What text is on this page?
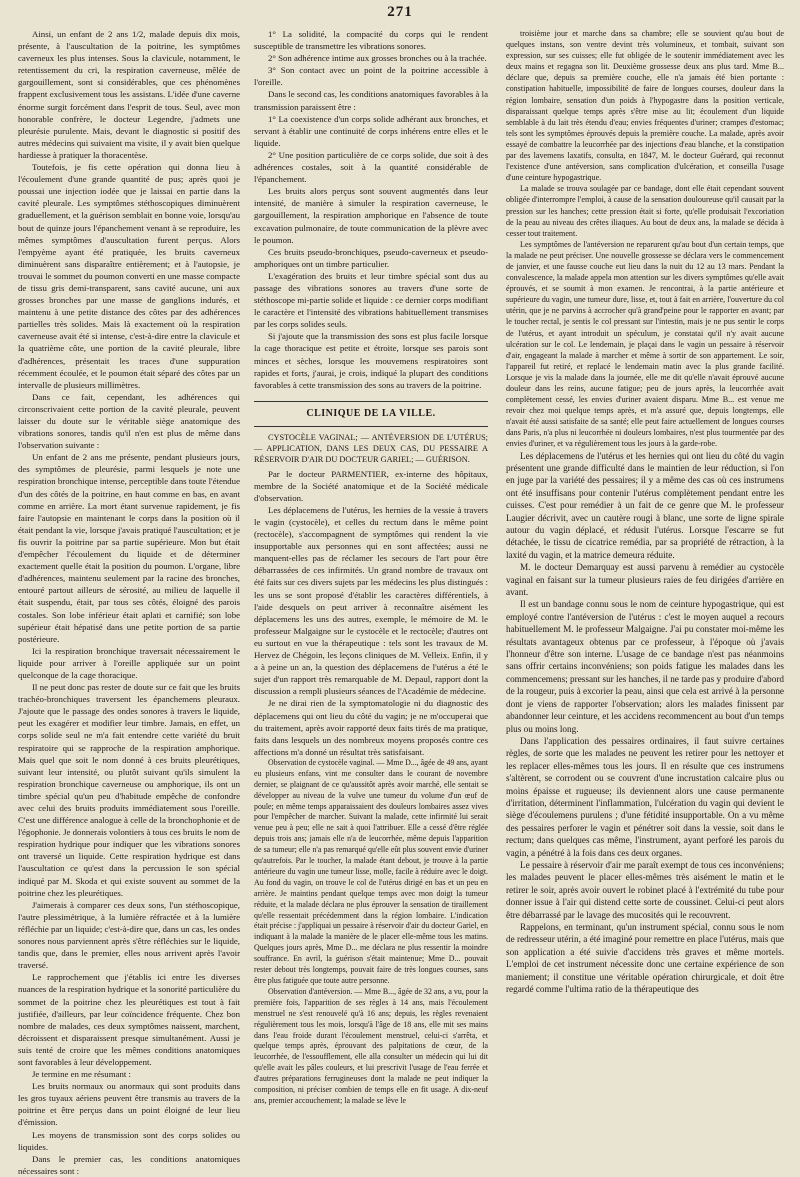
271

Ainsi, un enfant de 2 ans 1/2, malade depuis dix mois, présente, à l'auscultation de la poitrine, les symptômes caverneux les plus intenses. Sous la clavicule, notamment, le retentissement du cri, la respiration caverneuse, mêlée de gargouillement, sont si considérables, que ces phénomènes frappent exclusivement tous les assistans. L'idée d'une caverne énorme surgit forcément dans l'esprit de tous. Seul, avec mon honorable confrère, le docteur Legendre, j'admets une pleurésie purulente. Mais, devant le diagnostic si positif des autres médecins qui suivaient ma visite, il y avait bien quelque hardiesse à pratiquer la thoracentèse.

Toutefois, je fis cette opération qui donna lieu à l'écoulement d'une grande quantité de pus; après quoi je poussai une injection iodée que je laissai en partie dans la cavité pleurale. Les symptômes stéthoscopiques diminuèrent graduellement, et la guérison semblait en bonne voie, lorsqu'au bout de quinze jours l'épanchement venant à se reproduire, les mêmes symptômes d'auscultation furent perçus. Alors l'empyème ayant été pratiquée, les bruits caverneux diminuèrent sans disparaître entièrement; et à l'autopsie, je trouvai le sommet du poumon converti en une masse compacte de tissu gris demi-transparent, sans cavité aucune, uni aux grosses bronches par une masse de ganglions indurés, et maintenu à une petite distance des côtes par des adhérences partielles très solides. Mais là exactement où la respiration caverneuse avait été si intense, c'est-à-dire entre la clavicule et la quatrième côte, une portion de la cavité pleurale, libre d'adhérences, présentait les traces d'une suppuration récemment écoulée, et le poumon était séparé des côtes par un intervalle de plusieurs millimètres.

Dans ce fait, cependant, les adhérences qui circonscrivaient cette portion de la cavité pleurale, peuvent laisser du doute sur le véritable siège anatomique des vibrations sonores, tandis qu'il n'en est plus de même dans l'observation suivante :

Un enfant de 2 ans me présente, pendant plusieurs jours, des symptômes de pleurésie, parmi lesquels je note une respiration bronchique intense, perceptible dans toute l'étendue d'un des côtés de la poitrine, en haut comme en bas, en avant comme en arrière. La mort étant survenue rapidement, je fis faire l'autopsie en maintenant le corps dans la position où il était pendant la vie, lorsque j'avais pratiqué l'auscultation; et je fis ouvrir la poitrine par sa partie supérieure. Mon but était d'empêcher l'écoulement du liquide et de déterminer exactement quelle était la position du poumon. L'organe, libre d'adhérences, maintenu seulement par la racine des bronches, entouré partout ailleurs de sérosité, au milieu de laquelle il était suspendu, était, par tous ses côtés, éloigné des parois costales. Son lobe inférieur était aplati et carnifié; son lobe supérieur était hépatisé dans une petite portion de sa partie postérieure.

Ici la respiration bronchique traversait nécessairement le liquide pour arriver à l'oreille appliquée sur un point quelconque de la cage thoracique.

Il ne peut donc pas rester de doute sur ce fait que les bruits trachéo-bronchiques traversent les épanchemens pleuraux. J'ajoute que le passage des ondes sonores à travers le liquide, peut les exagérer et modifier leur timbre. Jamais, en effet, un corps solide seul ne m'a fait entendre cette variété du bruit respiratoire qui se rapproche de la respiration amphorique. Mais quel que soit le nom donné à ces bruits pleurétiques, suivant leur intensité, ou plutôt suivant qu'ils simulent la respiration bronchique caverneuse ou amphorique, ils ont un timbre spécial qu'un peu d'habitude empêche de confondre avec celui des bruits produits immédiatement sous l'oreille. C'est une différence analogue à celle de la bronchophonie et de l'égophonie. Je donnerais volontiers à tous ces bruits le nom de respiration hydrique pour indiquer que les vibrations sonores ont traversé un liquide. Cette respiration hydrique est dans l'auscultation ce qu'est dans la percussion le son spécial indiqué par M. Skoda et qui existe souvent au sommet de la poitrine chez les pleurétiques.

J'aimerais à comparer ces deux sons, l'un stéthoscopique, l'autre plessimétrique, à la lumière réfractée et à la lumière réfléchie par un liquide; c'est-à-dire que, dans un cas, les ondes sonores nous parviennent après s'être réfléchies sur le liquide, tandis que, dans le premier, elles nous arrivent après l'avoir traversé.

Le rapprochement que j'établis ici entre les diverses nuances de la respiration hydrique et la sonorité particulière du sommet de la poitrine chez les pleurétiques est tout à fait justifiée, d'ailleurs, par leur coïncidence fréquente. Chez bon nombre de malades, ces deux symptômes naissent, marchent, décroissent et disparaissent presque simultanément. Aussi je suis tenté de croire que les mêmes conditions anatomiques sont favorables à leur développement.

Je termine en me résumant :

Les bruits normaux ou anormaux qui sont produits dans les gros tuyaux aériens peuvent être transmis au travers de la poitrine et être perçus dans un point éloigné de leur lieu d'émission.

Les moyens de transmission sont des corps solides ou liquides.

Dans le premier cas, les conditions anatomiques nécessaires sont :

1° La solidité, la compacité du corps qui le rendent susceptible de transmettre les vibrations sonores.

2° Son adhérence intime aux grosses bronches ou à la trachée.

3° Son contact avec un point de la poitrine accessible à l'oreille.

Dans le second cas, les conditions anatomiques favorables à la transmission paraissent être :

1° La coexistence d'un corps solide adhérant aux bronches, et servant à établir une continuité de corps inhérens entre elles et le liquide.

2° Une position particulière de ce corps solide, due soit à des adhérences costales, soit à la quantité considérable de l'épanchement.

Les bruits alors perçus sont souvent augmentés dans leur intensité, de manière à simuler la respiration caverneuse, le gargouillement, la respiration amphorique en l'absence de toute excavation pulmonaire, de toute communication de la plèvre avec le poumon.

Ces bruits pseudo-bronchiques, pseudo-caverneux et pseudo-amphoriques ont un timbre particulier.

L'exagération des bruits et leur timbre spécial sont dus au passage des vibrations sonores au travers d'une sorte de stéthoscope mi-partie solide et liquide : ce dernier corps modifiant le caractère et l'intensité des vibrations habituellement transmises par les corps solides seuls.

Si j'ajoute que la transmission des sons est plus facile lorsque la cage thoracique est petite et étroite, lorsque ses parois sont minces et sèches, lorsque les mouvemens respiratoires sont rapides et forts, j'aurai, je crois, indiqué la plupart des conditions favorables à cette transmission des sons au travers de la poitrine.

CLINIQUE DE LA VILLE.

CYSTOCÈLE VAGINAL; — ANTÉVERSION DE L'UTÉRUS; — APPLICATION, DANS LES DEUX CAS, DU PESSAIRE A RÉSERVOIR D'AIR DU DOCTEUR GARIEL; — GUÉRISON.

Par le docteur PARMENTIER, ex-interne des hôpitaux, membre de la Société anatomique et de la Société médicale d'observation.

Les déplacemens de l'utérus, les hernies de la vessie à travers le vagin (cystocèle), et celles du rectum dans le même point (rectocèle), s'accompagnent de symptômes qui rendent la vie insupportable aux personnes qui en sont affectées; aussi ne manquent-elles pas de réclamer les secours de l'art pour être débarrassées de ces infirmités. Un grand nombre de travaux ont été faits sur ces divers sujets par les médecins les plus distingués : les uns se sont proposé d'établir les caractères différentiels, à l'aide desquels on peut arriver à reconnaître aisément les déplacemens les uns des autres, exemple, le mémoire de M. le professeur Malgaigne sur le cystocèle et le rectocèle; d'autres ont eu surtout en vue la thérapeutique : tels sont les travaux de M. Hervez de Chégoin, les leçons cliniques de M. Velleix. Enfin, il y a à peine un an, la question des déplacemens de l'utérus a été le sujet d'un rapport très remarquable de M. Depaul, rapport dont la discussion a rempli plusieurs séances de l'Académie de médecine.

Je ne dirai rien de la symptomatologie ni du diagnostic des déplacemens qui ont lieu du côté du vagin; je ne m'occuperai que du traitement, après avoir rapporté deux faits tirés de ma pratique, faits dans lesquels un des nombreux moyens proposés contre ces affections m'a donné un résultat très satisfaisant.

Observation de cystocèle vaginal. — Mme D..., âgée de 49 ans, ayant eu plusieurs enfans, vint me consulter dans le courant de novembre dernier, se plaignant de ce qu'aussitôt après avoir marché, elle sentait se développer au niveau de la vulve une tumeur du volume d'un œuf de poule; en même temps apparaissaient des douleurs lombaires assez vives pour l'empêcher de marcher. Suivant la malade, cette infirmité lui serait venue peu à peu; elle ne sait à quoi l'attribuer. Elle a cessé d'être réglée depuis trois ans; jamais elle n'a de leucorrhée, même depuis l'apparition de sa tumeur; elle n'a pas remarqué qu'elle eût plus souvent envie d'uriner qu'autrefois. Par le toucher, la malade étant debout, je trouve à la partie antérieure du vagin une tumeur lisse, molle, facile à réduire avec le doigt. Au fond du vagin, on trouve le col de l'utérus dirigé en bas et un peu en arrière. Je maintins pendant quelque temps avec mon doigt la tumeur réduite, et la malade déclara ne plus éprouver la sensation de tiraillement qu'elle ressentait précédemment dans la région lombaire. L'indication était précise : j'appliquai un pessaire à réservoir d'air du docteur Gariel, en indiquant à la malade la manière de le placer elle-même tous les matins. Quelques jours après, Mme D... me déclara ne plus ressentir la moindre souffrance. En avril, la guérison s'était maintenue; Mme D... pouvait rester debout très longtemps, pouvait faire de très longues courses, sans être plus fatiguée que toute autre personne.

Observation d'antéversion. — Mme B..., âgée de 32 ans, a vu, pour la première fois, l'apparition de ses règles à 14 ans, mais l'écoulement menstruel ne s'est renouvelé qu'à 16 ans; depuis, les règles revenaient régulièrement tous les mois, lorsqu'à l'âge de 18 ans, elle mit ses mains dans l'eau froide durant l'écoulement menstruel, celui-ci s'arrêta, et quelque temps après, éprouvant des palpitations de cœur, de la leucorrhée, de l'essoufflement, elle alla consulter un médecin qui lui dit qu'elle avait les pâles couleurs, et lui prescrivit l'usage de l'eau ferrée et d'autres préparations ferrugineuses dont la malade ne peut indiquer la composition, ni préciser combien de temps elle en fit usage. A dix-neuf ans, premier accouchement; la malade se lève le

troisième jour et marche dans sa chambre; elle se souvient qu'au bout de quelques instans, son ventre devint très volumineux, et tombait, suivant son expression, sur ses cuisses; elle fut obligée de le soutenir immédiatement avec les deux mains et regagna son lit. Deuxième grossesse deux ans plus tard. Mme B... déclare que, depuis sa première couche, elle n'a jamais été bien portante : constipation habituelle, impossibilité de faire de longues courses, douleur dans la région lombaire, sensation d'un poids à l'hypogastre dans la position verticale, disparaissant quelque temps après s'être mise au lit; écoulement d'un liquide semblable à du lait très étendu d'eau; envies fréquentes d'uriner; crampes d'estomac; tels sont les symptômes éprouvés depuis la première couche. La malade, après avoir essayé de combattre la leucorrhée par des injections d'eau blanche, et la constipation par des lavemens laxatifs, consulta, en 1847, M. le docteur Guérard, qui reconnut l'existence d'une antéversion, sans complication d'ulcération, et conseilla l'usage d'une ceinture hypogastrique.

La malade se trouva soulagée par ce bandage, dont elle était cependant souvent obligée d'interrompre l'emploi, à cause de la sensation douloureuse qu'il causait par la pression sur les hanches; cette pression était si forte, qu'elle produisait l'excoriation de la peau au niveau des crêtes iliaques. Au bout de deux ans, la malade se décida à cesser tout traitement.

Les symptômes de l'antéversion ne reparurent qu'au bout d'un certain temps, que la malade ne peut préciser. Une nouvelle grossesse se déclara vers le commencement de janvier, et une fausse couche eut lieu dans la nuit du 12 au 13 mars. Pendant la convalescence, la malade appela mon attention sur les divers symptômes qu'elle avait éprouvés, et se soumit à mon examen. Je rencontrai, à la partie antérieure et supérieure du vagin, une tumeur dure, lisse, et, tout à fait en arrière, l'ouverture du col utérin, que je ne parvins à accrocher qu'à grand'peine pour le rapporter en avant; par le toucher rectal, je sentis le col pressant sur l'intestin, mais je ne pus sentir le corps de l'utérus, et ayant introduit un spéculum, je constatai qu'il n'y avait aucune ulcération sur le col. Le lendemain, je plaçai dans le vagin un pessaire à réservoir d'air, engageant la malade à marcher et même à sortir de son appartement. Le soir, l'appareil fut retiré, et replacé le lendemain matin avec la plus grande facilité. Lorsque je vis la malade dans la journée, elle me dit qu'elle n'avait éprouvé aucune douleur dans les reins, aucune fatigue; peu de jours après, la leucorrhée avait complètement cessé, les envies d'uriner avaient disparu. Mme B... est venue me revoir chez moi quelque temps après, et m'a assuré que, depuis longtemps, elle n'avait été aussi satisfaite de sa santé; elle peut faire actuellement de longues courses dans Paris, n'a plus ni leucorrhée ni douleurs lombaires, n'est plus tourmentée par des envies d'uriner, et va régulièrement tous les jours à la garde-robe.

Les déplacemens de l'utérus et les hernies qui ont lieu du côté du vagin présentent une grande difficulté dans le maintien de leur réduction, si l'on en juge par la variété des pessaires; il y a même des cas où ces instrumens ont été insuffisans pour contenir l'utérus complètement pendant entre les cuisses. C'est pour remédier à un fait de ce genre que M. le professeur Laugier décrivit, avec un cautère rougi à blanc, une sorte de ligne spirale autour du vagin déplacé, et rédusit l'utérus. Lorsque l'escarre se fut détachée, le tissu de cicatrice remédia, par sa propriété de rétraction, à la laxité du vagin, et la matrice demeura réduite.

M. le docteur Demarquay est aussi parvenu à remédier au cystocèle vaginal en faisant sur la tumeur plusieurs raies de feu dirigées d'arrière en avant.

Il est un bandage connu sous le nom de ceinture hypogastrique, qui est employé contre l'antéversion de l'utérus : c'est le moyen auquel a recours habituellement M. le professeur Malgaigne. J'ai pu constater moi-même les résultats avantageux obtenus par ce professeur, à l'époque où j'avais l'honneur d'être son interne. L'usage de ce bandage n'est pas néanmoins sans offrir certains inconvéniens; son poids fatigue les malades dans les commencemens; pressant sur les hanches, il ne tarde pas y produire d'abord de la rougeur, puis à excorier la peau, ainsi que cela est arrivé à la personne dont je viens de rapporter l'observation; alors les malades finissent par abandonner leur ceinture, et les accidens recommencent au bout d'un temps plus ou moins long.

Dans l'application des pessaires ordinaires, il faut suivre certaines règles, de sorte que les malades ne peuvent les retirer pour les nettoyer et les replacer elles-mêmes tous les jours. Il en résulte que ces instrumens s'altèrent, se corrodent ou se couvrent d'une incrustation calcaire plus ou moins épaisse et rugueuse; ils deviennent alors une cause permanente d'irritation, déterminent l'inflammation, l'ulcération du vagin qui devient le siège d'écoulemens purulens ; d'une fétidité insupportable. On a vu même des pessaires perforer le vagin et pénétrer soit dans la vessie, soit dans le rectum; dans quelques cas même, l'instrument, ayant perforé les parois du vagin, a pénétré à la fois dans ces deux organes.

Le pessaire à réservoir d'air me paraît exempt de tous ces inconvéniens; les malades peuvent le placer elles-mêmes très aisément le matin et le retirer le soir, après avoir ouvert le robinet placé à l'extrémité du tube pour donner issue à l'air qui distend cette sorte de coussinet. Celui-ci peut alors être débarrassé par le lavage des mucosités qui le recouvrent.

Rappelons, en terminant, qu'un instrument spécial, connu sous le nom de redresseur utérin, a été imaginé pour remettre en place l'utérus, mais que son application a été suivie d'accidens très graves et même mortels. L'emploi de cet instrument nécessite donc une certaine expérience de son maniement; il constitue une véritable opération chirurgicale, et doit être regardé comme l'ultima ratio de la thérapeutique des
